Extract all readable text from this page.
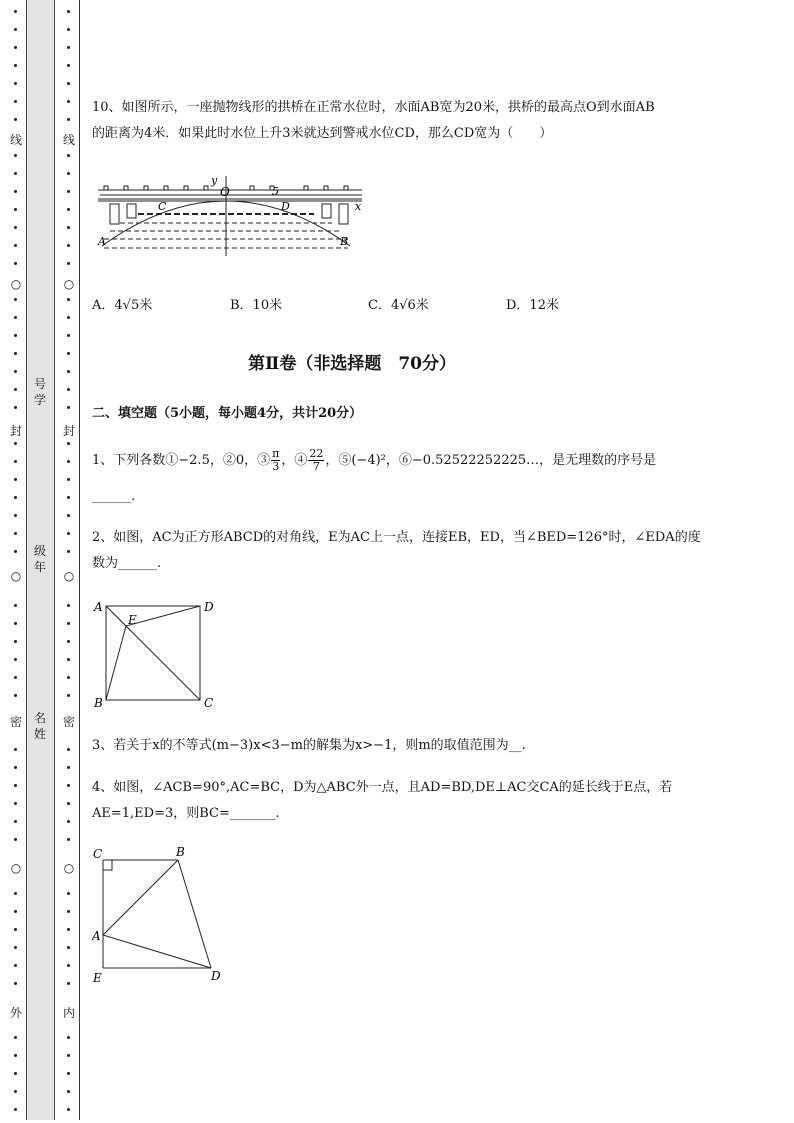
线
○
封
○
密
○
外
线
○
封
○
密
○
内
号
学
级
年
名
姓
10、如图所示，一座抛物线形的拱桥在正常水位时，水面AB宽为20米，拱桥的最高点O到水面AB
的距离为4米．如果此时水位上升3米就达到警戒水位CD，那么CD宽为（　　）
y
O
x
5
C	D
A	B
A．4√5米	B．10米	C．4√6米	D．12米
第Ⅱ卷（非选择题　70分）
二、填空题（5小题，每小题4分，共计20分）
1、下列各数①−2.5，②0，③ $\frac{\pi}{3}$ ，④ $\frac{22}{7}$ ，⑤(−4)²，⑥−0.52522252225…，是无理数的序号是
______.
2、如图，AC为正方形ABCD的对角线，E为AC上一点，连接EB，ED，当∠BED=126°时，∠EDA的度
数为______.
A	D
E
B	C
3、若关于x的不等式(m−3)x<3−m的解集为x>−1，则m的取值范围为__.
4、如图，∠ACB=90°,AC=BC，D为△ABC外一点，且AD=BD,DE⊥AC交CA的延长线于E点，若
AE=1,ED=3，则BC=_______.
C	B
A
E	D
